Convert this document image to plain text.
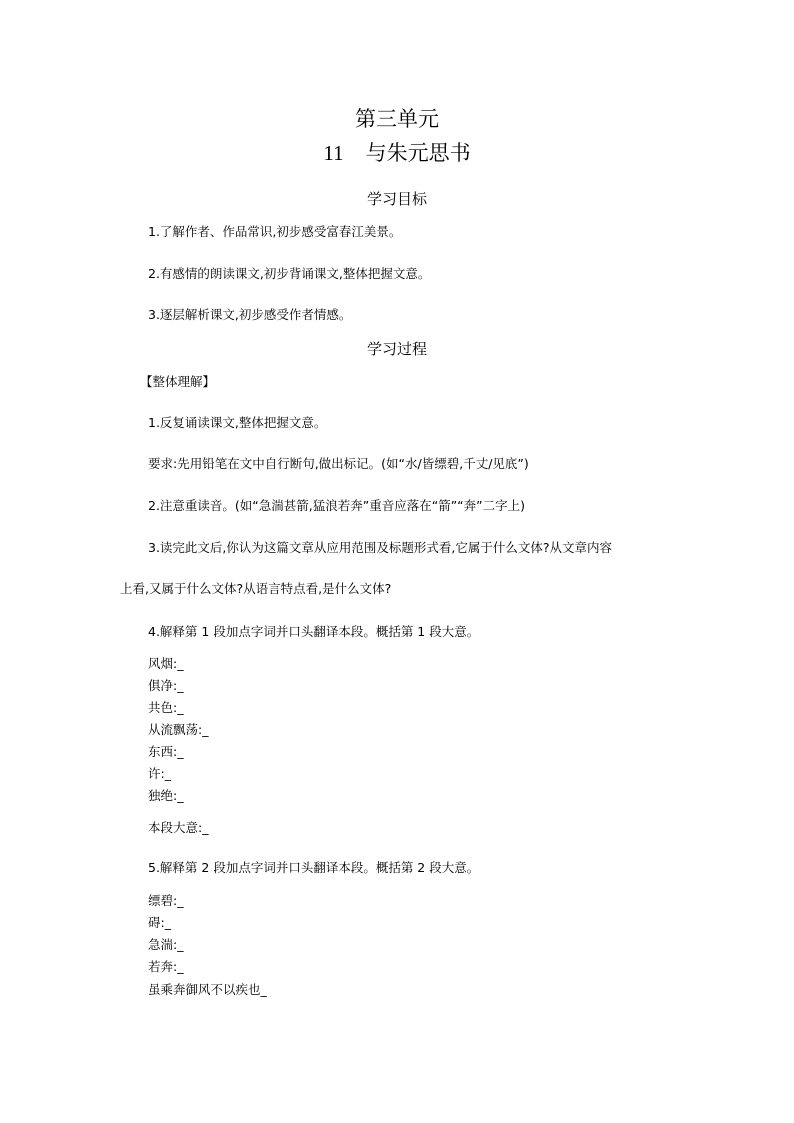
第三单元
11 与朱元思书
学习目标
1.了解作者、作品常识,初步感受富春江美景。
2.有感情的朗读课文,初步背诵课文,整体把握文意。
3.逐层解析课文,初步感受作者情感。
学习过程
【整体理解】
1.反复诵读课文,整体把握文意。
要求:先用铅笔在文中自行断句,做出标记。(如“水/皆缥碧,千丈/见底”)
2.注意重读音。(如“急湍甚箭,猛浪若奔”重音应落在“箭”“奔”二字上)
3.读完此文后,你认为这篇文章从应用范围及标题形式看,它属于什么文体?从文章内容
上看,又属于什么文体?从语言特点看,是什么文体?
4.解释第 1 段加点字词并口头翻译本段。概括第 1 段大意。
风烟:_
俱净:_
共色:_
从流飘荡:_
东西:_
许:_
独绝:_
本段大意:_
5.解释第 2 段加点字词并口头翻译本段。概括第 2 段大意。
缥碧:_
碍:_
急湍:_
若奔:_
虽乘奔御风不以疾也_
